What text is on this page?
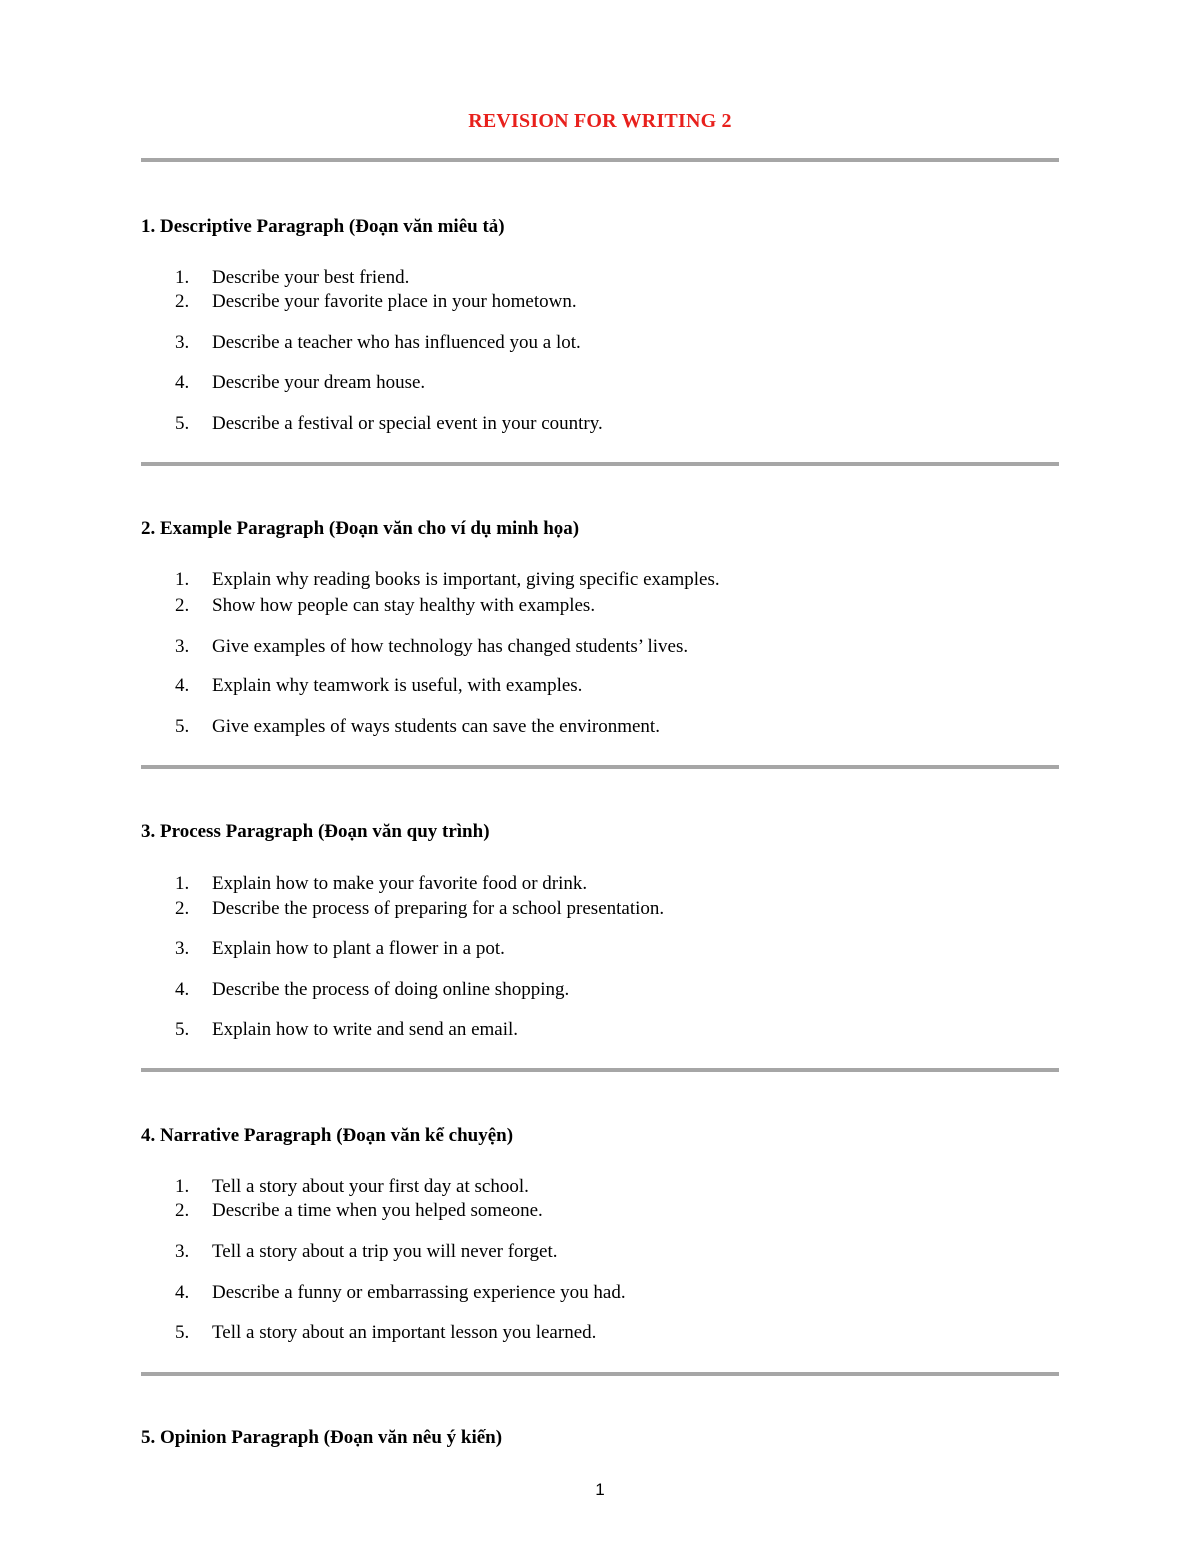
REVISION FOR WRITING 2
1. Descriptive Paragraph (Đoạn văn miêu tả)
1.	Describe your best friend.
2.	Describe your favorite place in your hometown.
3.	Describe a teacher who has influenced you a lot.
4.	Describe your dream house.
5.	Describe a festival or special event in your country.
2. Example Paragraph (Đoạn văn cho ví dụ minh họa)
1.	Explain why reading books is important, giving specific examples.
2.	Show how people can stay healthy with examples.
3.	Give examples of how technology has changed students’ lives.
4.	Explain why teamwork is useful, with examples.
5.	Give examples of ways students can save the environment.
3. Process Paragraph (Đoạn văn quy trình)
1.	Explain how to make your favorite food or drink.
2.	Describe the process of preparing for a school presentation.
3.	Explain how to plant a flower in a pot.
4.	Describe the process of doing online shopping.
5.	Explain how to write and send an email.
4. Narrative Paragraph (Đoạn văn kể chuyện)
1.	Tell a story about your first day at school.
2.	Describe a time when you helped someone.
3.	Tell a story about a trip you will never forget.
4.	Describe a funny or embarrassing experience you had.
5.	Tell a story about an important lesson you learned.
5. Opinion Paragraph (Đoạn văn nêu ý kiến)
1
